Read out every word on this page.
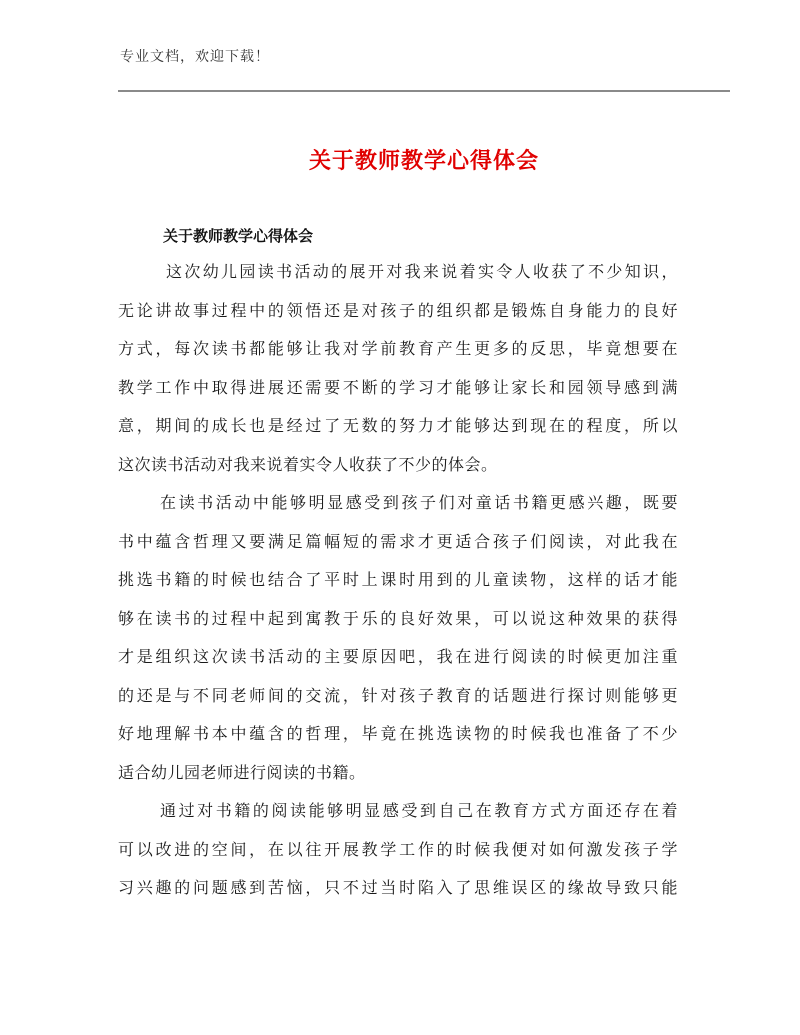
专业文档，欢迎下载！
关于教师教学心得体会
关于教师教学心得体会
这次幼儿园读书活动的展开对我来说着实令人收获了不少知识，
无论讲故事过程中的领悟还是对孩子的组织都是锻炼自身能力的良好
方式，每次读书都能够让我对学前教育产生更多的反思，毕竟想要在
教学工作中取得进展还需要不断的学习才能够让家长和园领导感到满
意，期间的成长也是经过了无数的努力才能够达到现在的程度，所以
这次读书活动对我来说着实令人收获了不少的体会。
在读书活动中能够明显感受到孩子们对童话书籍更感兴趣，既要
书中蕴含哲理又要满足篇幅短的需求才更适合孩子们阅读，对此我在
挑选书籍的时候也结合了平时上课时用到的儿童读物，这样的话才能
够在读书的过程中起到寓教于乐的良好效果，可以说这种效果的获得
才是组织这次读书活动的主要原因吧，我在进行阅读的时候更加注重
的还是与不同老师间的交流，针对孩子教育的话题进行探讨则能够更
好地理解书本中蕴含的哲理，毕竟在挑选读物的时候我也准备了不少
适合幼儿园老师进行阅读的书籍。
通过对书籍的阅读能够明显感受到自己在教育方式方面还存在着
可以改进的空间，在以往开展教学工作的时候我便对如何激发孩子学
习兴趣的问题感到苦恼，只不过当时陷入了思维误区的缘故导致只能
